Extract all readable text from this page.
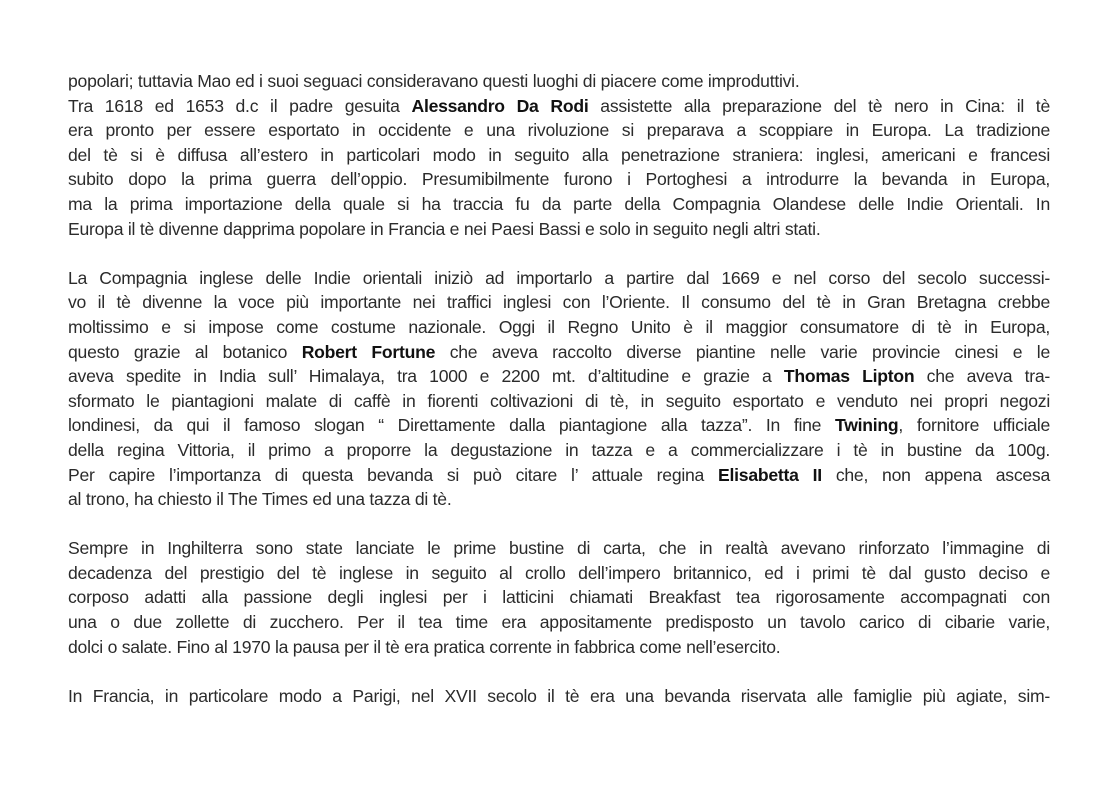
popolari; tuttavia Mao ed i suoi seguaci consideravano questi luoghi di piacere come improduttivi.
Tra 1618 ed 1653 d.c il padre gesuita Alessandro Da Rodi assistette alla preparazione del tè nero in Cina: il tè
era pronto per essere esportato in occidente e una rivoluzione si preparava a scoppiare in Europa. La tradizione
del tè si è diffusa all’estero in particolari modo in seguito alla penetrazione straniera: inglesi, americani e francesi
subito dopo la prima guerra dell’oppio. Presumibilmente furono i Portoghesi a introdurre la bevanda in Europa,
ma la prima importazione della quale si ha traccia fu da parte della Compagnia Olandese delle Indie Orientali. In
Europa il tè divenne dapprima popolare in Francia e nei Paesi Bassi e solo in seguito negli altri stati.
La Compagnia inglese delle Indie orientali iniziò ad importarlo a partire dal 1669 e nel corso del secolo successi-
vo il tè divenne la voce più importante nei traffici inglesi con l’Oriente. Il consumo del tè in Gran Bretagna crebbe
moltissimo e si impose come costume nazionale. Oggi il Regno Unito è il maggior consumatore di tè in Europa,
questo grazie al botanico Robert Fortune che aveva raccolto diverse piantine nelle varie provincie cinesi e le
aveva spedite in India sull’ Himalaya, tra 1000 e 2200 mt. d’altitudine e grazie a Thomas Lipton che aveva tra-
sformato le piantagioni malate di caffè in fiorenti coltivazioni di tè, in seguito esportato e venduto nei propri negozi
londinesi, da qui il famoso slogan “ Direttamente dalla piantagione alla tazza”. In fine Twining, fornitore ufficiale
della regina Vittoria, il primo a proporre la degustazione in tazza e a commercializzare i tè in bustine da 100g.
Per capire l’importanza di questa bevanda si può citare l’ attuale regina Elisabetta II che, non appena ascesa
al trono, ha chiesto il The Times ed una tazza di tè.
Sempre in Inghilterra sono state lanciate le prime bustine di carta, che in realtà avevano rinforzato l’immagine di
decadenza del prestigio del tè inglese in seguito al crollo dell’impero britannico, ed i primi tè dal gusto deciso e
corposo adatti alla passione degli inglesi per i latticini chiamati Breakfast tea rigorosamente accompagnati con
una o due zollette di zucchero. Per il tea time era appositamente predisposto un tavolo carico di cibarie varie,
dolci o salate. Fino al 1970 la pausa per il tè era pratica corrente in fabbrica come nell’esercito.
In Francia, in particolare modo a Parigi, nel XVII secolo il tè era una bevanda riservata alle famiglie più agiate, sim-
